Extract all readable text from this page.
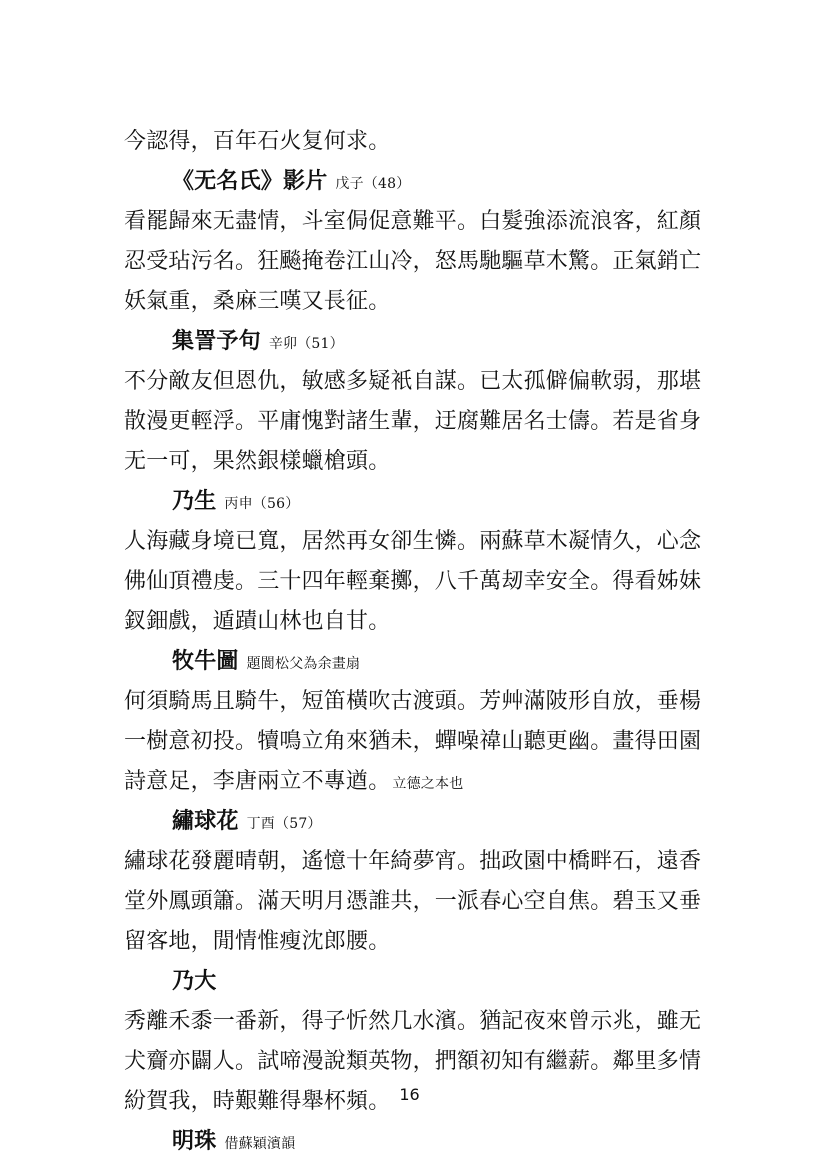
今認得，百年石火复何求。
《无名氏》影片 戊子（48）
看罷歸來无盡情，斗室侷促意難平。白髮強添流浪客，紅顏
忍受玷污名。狂飈掩卷江山冷，怒馬馳驅草木驚。正氣銷亡
妖氣重，桑麻三嘆又長征。
集詈予句 辛卯（51）
不分敵友但恩仇，敏感多疑衹自謀。已太孤僻偏軟弱，那堪
散漫更輕浮。平庸愧對諸生輩，迂腐難居名士儔。若是省身
无一可，果然銀樣蠟槍頭。
乃生 丙申（56）
人海藏身境已寬，居然再女卻生憐。兩蘇草木凝情久，心念
佛仙頂禮虔。三十四年輕棄擲，八千萬刼幸安全。得看姊妹
釵鈿戲，遁蹟山林也自甘。
牧牛圖 題閬松父為余畫扇
何須騎馬且騎牛，短笛橫吹古渡頭。芳艸滿陂形自放，垂楊
一樹意初投。犢鳴立角來猶未，蟬噪禕山聽更幽。畫得田園
詩意足，李唐兩立不專遒。 立德之本也
繡球花 丁酉（57）
繡球花發麗晴朝，遙憶十年綺夢宵。拙政園中橋畔石，遠香
堂外鳳頭簫。滿天明月憑誰共，一派春心空自焦。碧玉又垂
留客地，閒情惟瘦沈郎腰。
乃大
秀離禾黍一番新，得子忻然几水濱。猶記夜來曾示兆，雖无
犬齎亦闢人。試啼漫說類英物，捫額初知有繼薪。鄰里多情
紛賀我，時艱難得舉杯頻。
明珠 借蘇穎濱韻
16
